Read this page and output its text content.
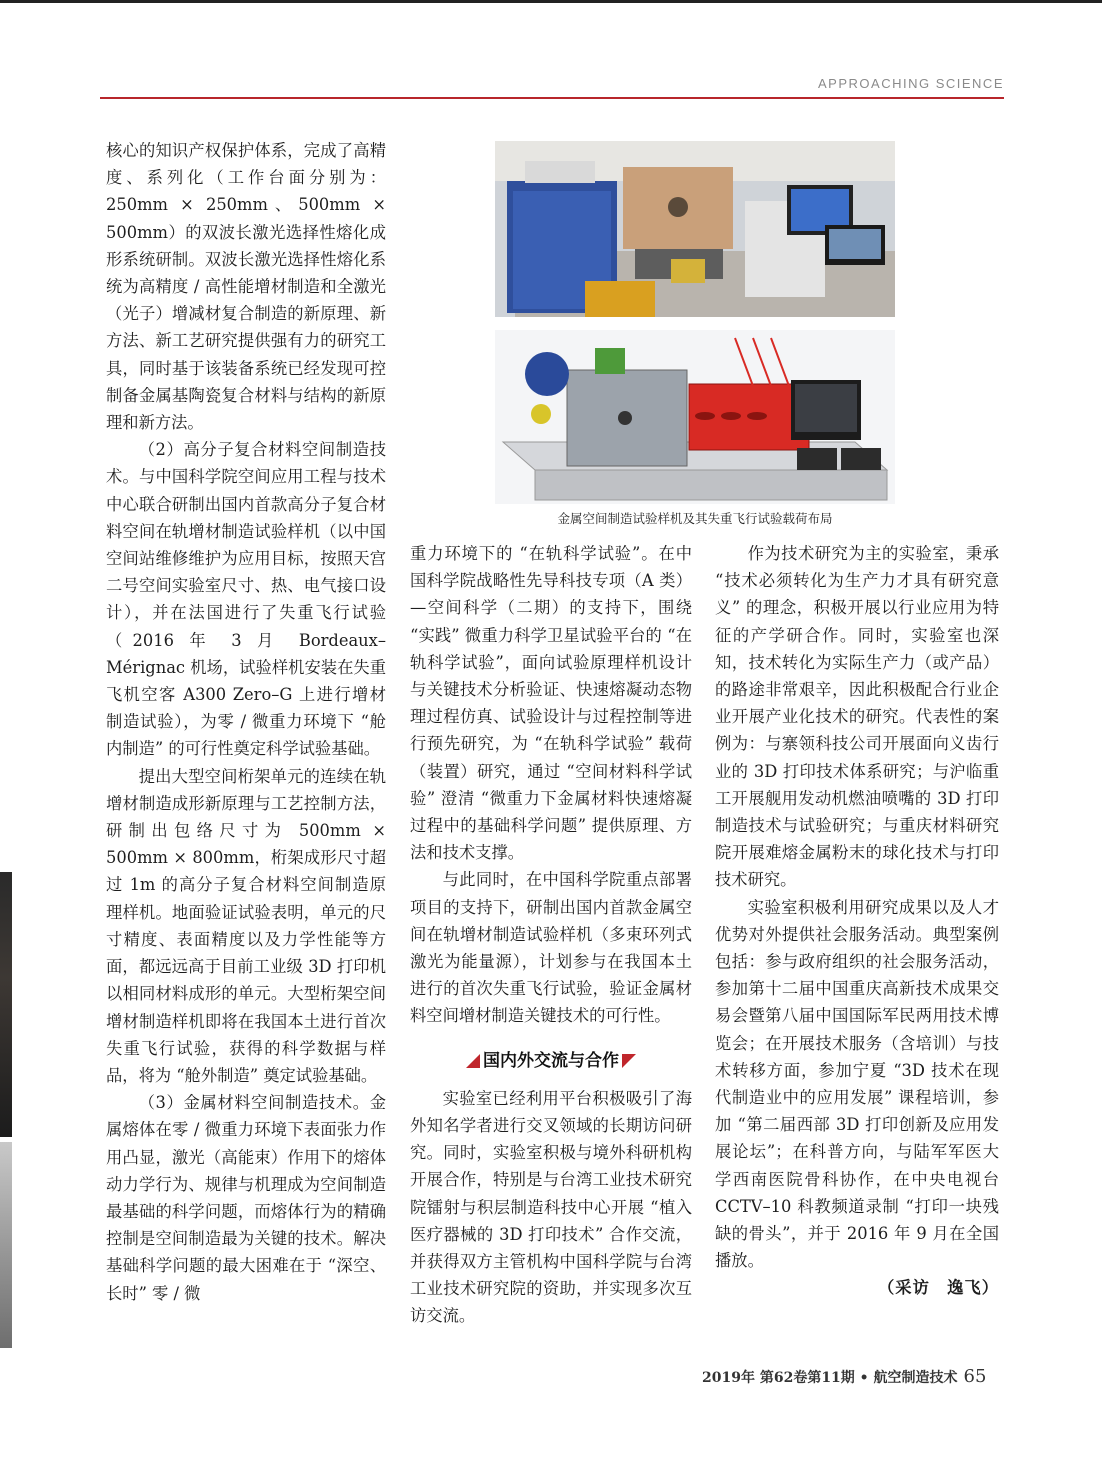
APPROACHING SCIENCE
金属空间制造试验样机及其失重飞行试验载荷布局

核心的知识产权保护体系，完成了高精度、系列化（工作台面分别为：250mm × 250mm、500mm × 500mm）的双波长激光选择性熔化成形系统研制。双波长激光选择性熔化系统为高精度 / 高性能增材制造和全激光（光子）增减材复合制造的新原理、新方法、新工艺研究提供强有力的研究工具，同时基于该装备系统已经发现可控制备金属基陶瓷复合材料与结构的新原理和新方法。

（2）高分子复合材料空间制造技术。与中国科学院空间应用工程与技术中心联合研制出国内首款高分子复合材料空间在轨增材制造试验样机（以中国空间站维修维护为应用目标，按照天宫二号空间实验室尺寸、热、电气接口设计），并在法国进行了失重飞行试验（2016 年 3 月 Bordeaux–Mérignac 机场，试验样机安装在失重飞机空客 A300 Zero–G 上进行增材制造试验），为零 / 微重力环境下 “舱内制造” 的可行性奠定科学试验基础。

提出大型空间桁架单元的连续在轨增材制造成形新原理与工艺控制方法，研制出包络尺寸为 500mm × 500mm × 800mm，桁架成形尺寸超过 1m 的高分子复合材料空间制造原理样机。地面验证试验表明，单元的尺寸精度、表面精度以及力学性能等方面，都远远高于目前工业级 3D 打印机以相同材料成形的单元。大型桁架空间增材制造样机即将在我国本土进行首次失重飞行试验，获得的科学数据与样品，将为 “舱外制造” 奠定试验基础。

（3）金属材料空间制造技术。金属熔体在零 / 微重力环境下表面张力作用凸显，激光（高能束）作用下的熔体动力学行为、规律与机理成为空间制造最基础的科学问题，而熔体行为的精确控制是空间制造最为关键的技术。解决基础科学问题的最大困难在于 “深空、长时” 零 / 微

重力环境下的 “在轨科学试验”。在中国科学院战略性先导科技专项（A 类）—空间科学（二期）的支持下，围绕 “实践” 微重力科学卫星试验平台的 “在轨科学试验”，面向试验原理样机设计与关键技术分析验证、快速熔凝动态物理过程仿真、试验设计与过程控制等进行预先研究，为 “在轨科学试验” 载荷（装置）研究，通过 “空间材料科学试验” 澄清 “微重力下金属材料快速熔凝过程中的基础科学问题” 提供原理、方法和技术支撑。

与此同时，在中国科学院重点部署项目的支持下，研制出国内首款金属空间在轨增材制造试验样机（多束环列式激光为能量源），计划参与在我国本土进行的首次失重飞行试验，验证金属材料空间增材制造关键技术的可行性。

国内外交流与合作

实验室已经利用平台积极吸引了海外知名学者进行交叉领域的长期访问研究。同时，实验室积极与境外科研机构开展合作，特别是与台湾工业技术研究院镭射与积层制造科技中心开展 “植入医疗器械的 3D 打印技术” 合作交流，并获得双方主管机构中国科学院与台湾工业技术研究院的资助，并实现多次互访交流。

作为技术研究为主的实验室，秉承 “技术必须转化为生产力才具有研究意义” 的理念，积极开展以行业应用为特征的产学研合作。同时，实验室也深知，技术转化为实际生产力（或产品）的路途非常艰辛，因此积极配合行业企业开展产业化技术的研究。代表性的案例为：与寨领科技公司开展面向义齿行业的 3D 打印技术体系研究；与沪临重工开展舰用发动机燃油喷嘴的 3D 打印制造技术与试验研究；与重庆材料研究院开展难熔金属粉末的球化技术与打印技术研究。

实验室积极利用研究成果以及人才优势对外提供社会服务活动。典型案例包括：参与政府组织的社会服务活动，参加第十二届中国重庆高新技术成果交易会暨第八届中国国际军民两用技术博览会；在开展技术服务（含培训）与技术转移方面，参加宁夏 “3D 技术在现代制造业中的应用发展” 课程培训，参加 “第二届西部 3D 打印创新及应用发展论坛”；在科普方向，与陆军军医大学西南医院骨科协作，在中央电视台 CCTV–10 科教频道录制 “打印一块残缺的骨头”，并于 2016 年 9 月在全国播放。

（采访　逸飞）

2019年 第62卷第11期 • 航空制造技术 65
